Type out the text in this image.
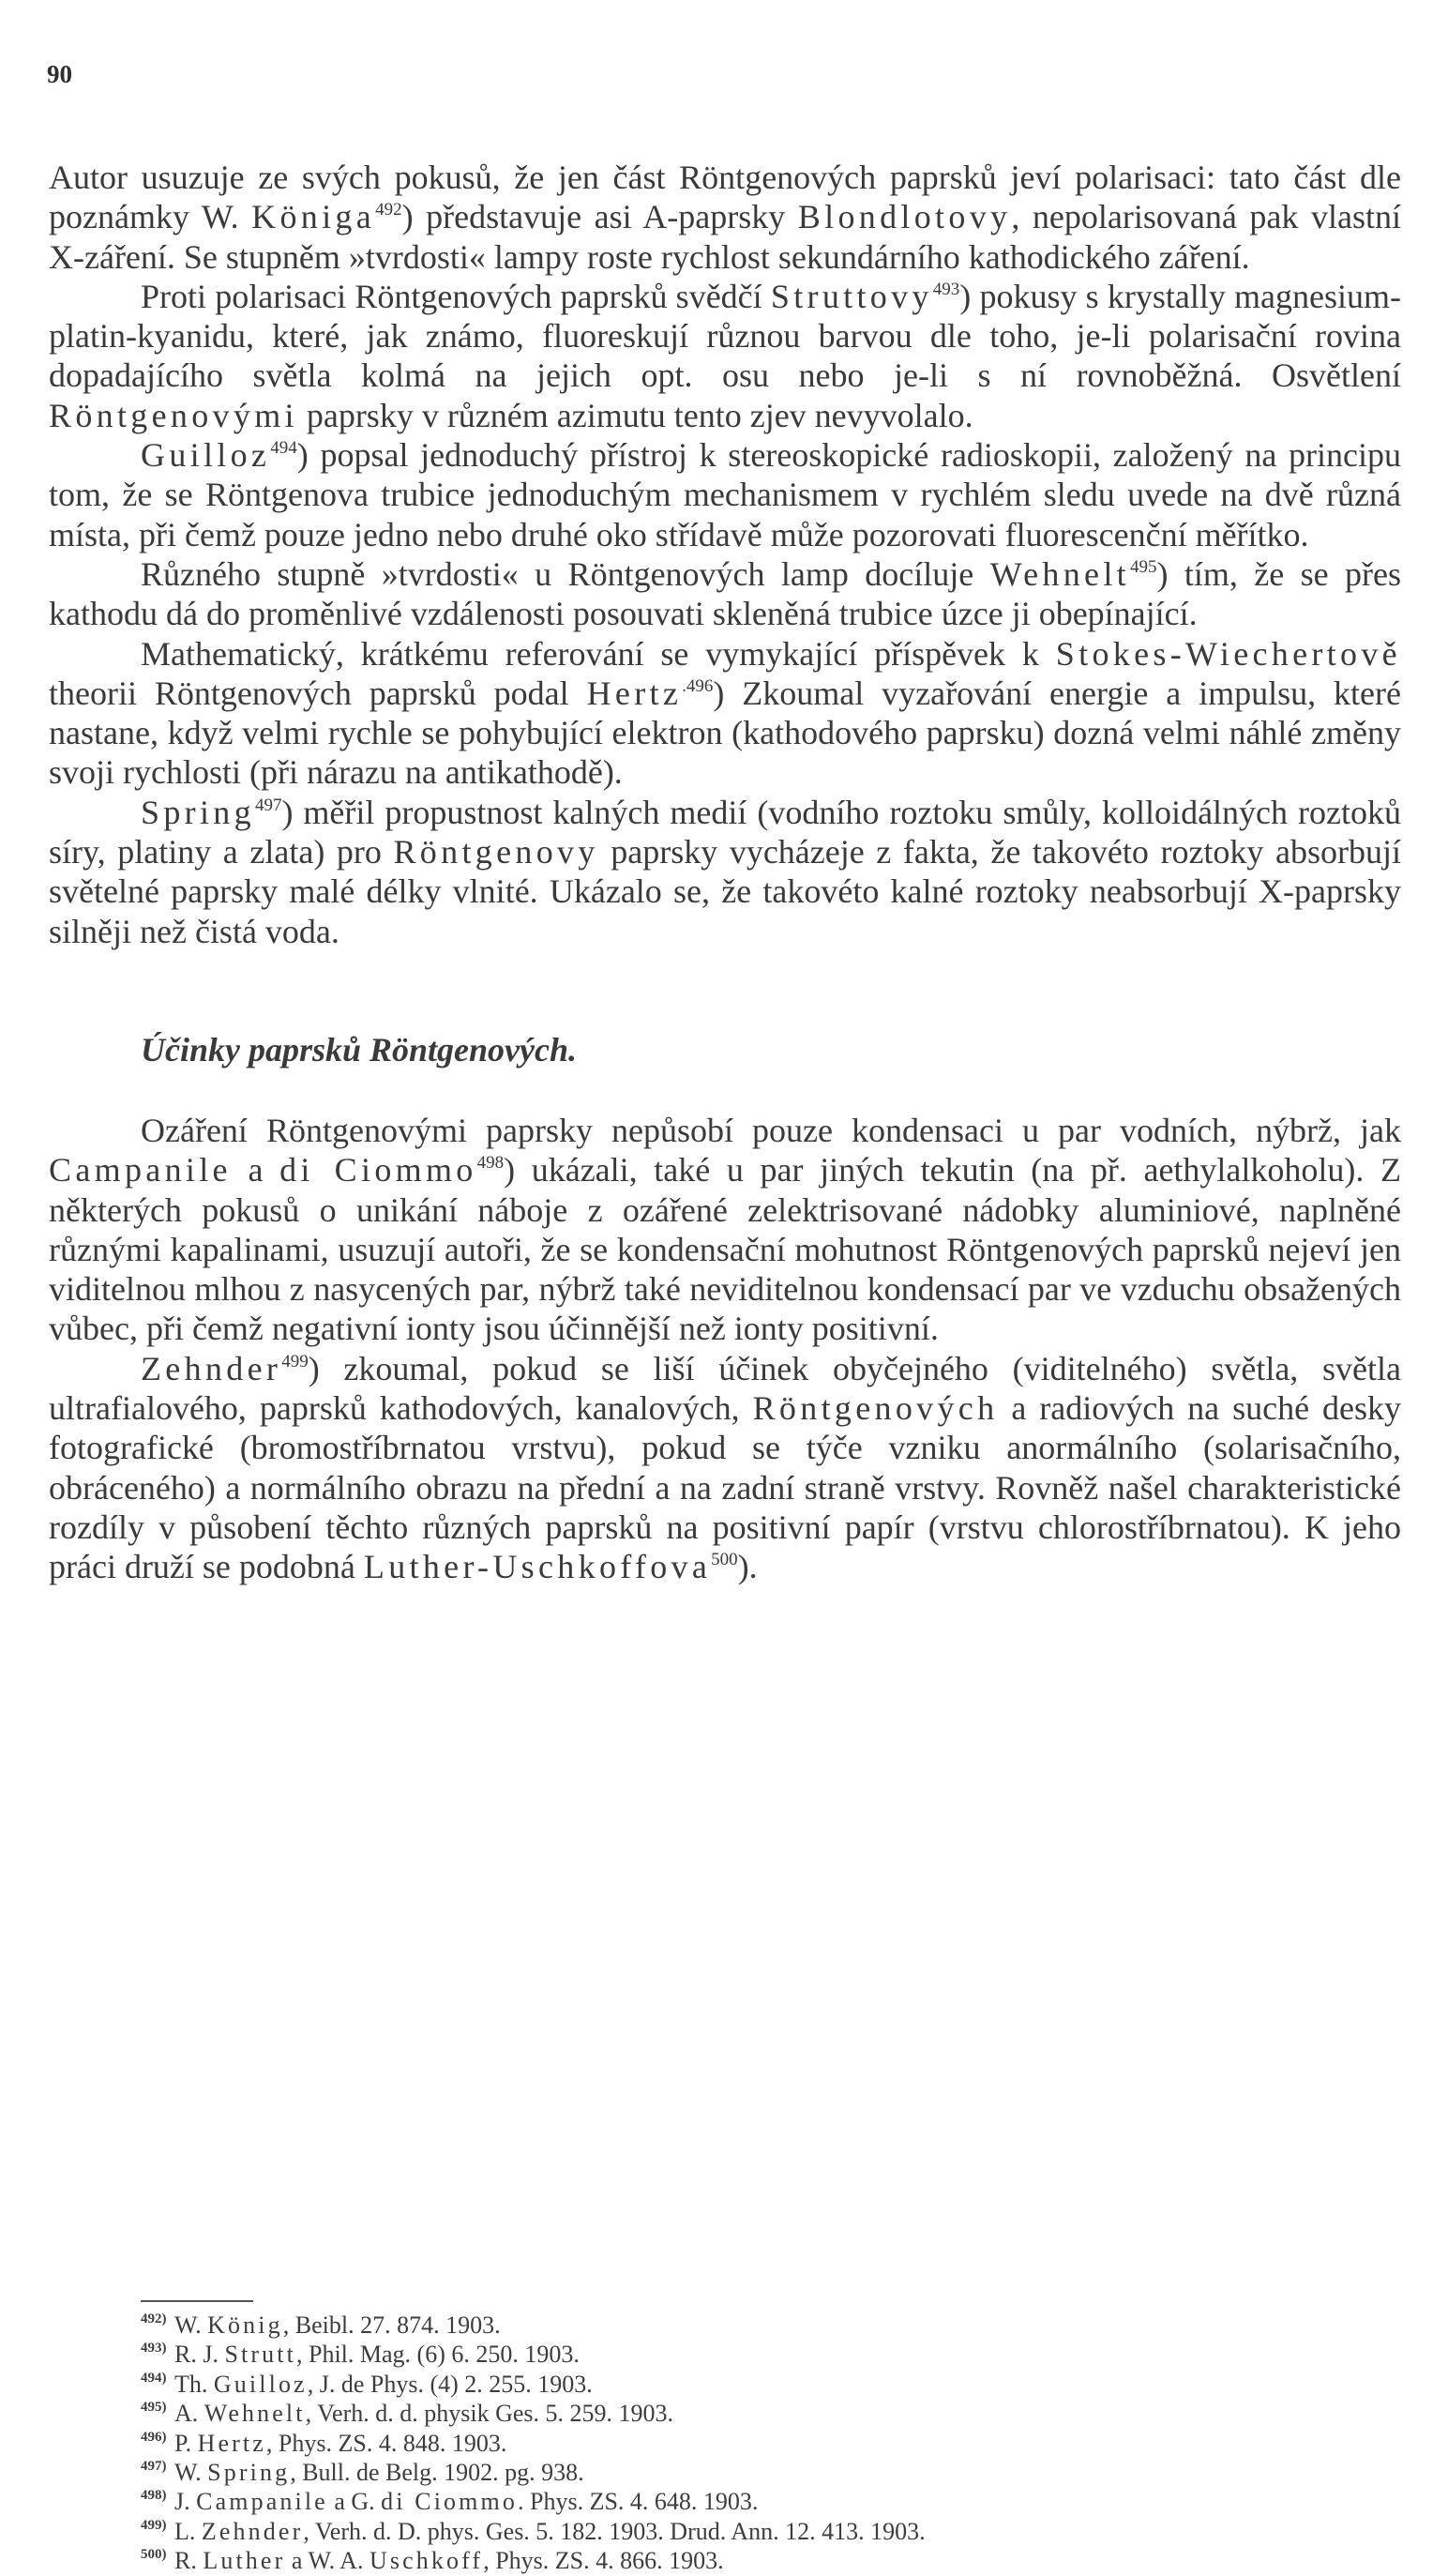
90

Autor usuzuje ze svých pokusů, že jen část Röntgenových paprsků jeví polarisaci: tato část dle poznámky W. Königa$^{492}$) představuje asi A-paprsky Blondlotovy, nepolarisovaná pak vlastní X-záření. Se stupněm »tvrdosti« lampy roste rychlost sekundárního kathodického záření.

Proti polarisaci Röntgenových paprsků svědčí Struttovy$^{493}$) pokusy s krystally magnesium-platin-kyanidu, které, jak známo, fluoreskují různou barvou dle toho, je-li polarisační rovina dopadajícího světla kolmá na jejich opt. osu nebo je-li s ní rovnoběžná. Osvětlení Röntgenovými paprsky v různém azimutu tento zjev nevyvolalo.

Guilloz$^{494}$) popsal jednoduchý přístroj k stereoskopické radioskopii, založený na principu tom, že se Röntgenova trubice jednoduchým mechanismem v rychlém sledu uvede na dvě různá místa, při čemž pouze jedno nebo druhé oko střídavě může pozorovati fluorescenční měřítko.

Různého stupně »tvrdosti« u Röntgenových lamp docíluje Wehnelt$^{495}$) tím, že se přes kathodu dá do proměnlivé vzdálenosti posouvati skleněná trubice úzce ji obepínající.

Mathematický, krátkému referování se vymykající příspěvek k Stokes-Wiechertově theorii Röntgenových paprsků podal Hertz$^{.496}$) Zkoumal vyzařování energie a impulsu, které nastane, když velmi rychle se pohybující elektron (kathodového paprsku) dozná velmi náhlé změny svoji rychlosti (při nárazu na antikathodě).

Spring$^{497}$) měřil propustnost kalných medií (vodního roztoku smůly, kolloidálných roztoků síry, platiny a zlata) pro Röntgenovy paprsky vycházeje z fakta, že takovéto roztoky absorbují světelné paprsky malé délky vlnité. Ukázalo se, že takovéto kalné roztoky neabsorbují X-paprsky silněji než čistá voda.

Účinky paprsků Röntgenových.

Ozáření Röntgenovými paprsky nepůsobí pouze kondensaci u par vodních, nýbrž, jak Campanile a di Ciommo$^{498}$) ukázali, také u par jiných tekutin (na př. aethylalkoholu). Z některých pokusů o unikání náboje z ozářené zelektrisované nádobky aluminiové, naplněné různými kapalinami, usuzují autoři, že se kondensační mohutnost Röntgenových paprsků nejeví jen viditelnou mlhou z nasycených par, nýbrž také neviditelnou kondensací par ve vzduchu obsažených vůbec, při čemž negativní ionty jsou účinnější než ionty positivní.

Zehnder$^{499}$) zkoumal, pokud se liší účinek obyčejného (viditelného) světla, světla ultrafialového, paprsků kathodových, kanalových, Röntgenových a radiových na suché desky fotografické (bromostříbrnatou vrstvu), pokud se týče vzniku anormálního (solarisačního, obráceného) a normálního obrazu na přední a na zadní straně vrstvy. Rovněž našel charakteristické rozdíly v působení těchto různých paprsků na positivní papír (vrstvu chlorostříbrnatou). K jeho práci druží se podobná Luther-Uschkoffova$^{500}$).

492) W. König, Beibl. 27. 874. 1903.
493) R. J. Strutt, Phil. Mag. (6) 6. 250. 1903.
494) Th. Guilloz, J. de Phys. (4) 2. 255. 1903.
495) A. Wehnelt, Verh. d. d. physik Ges. 5. 259. 1903.
496) P. Hertz, Phys. ZS. 4. 848. 1903.
497) W. Spring, Bull. de Belg. 1902. pg. 938.
498) J. Campanile a G. di Ciommo. Phys. ZS. 4. 648. 1903.
499) L. Zehnder, Verh. d. D. phys. Ges. 5. 182. 1903. Drud. Ann. 12. 413. 1903.
500) R. Luther a W. A. Uschkoff, Phys. ZS. 4. 866. 1903.
